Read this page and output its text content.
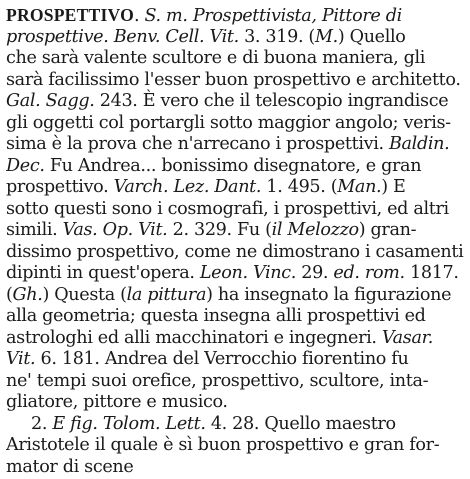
PROSPETTIVO. S. m. Prospettivista, Pittore di
prospettive. Benv. Cell. Vit. 3. 319. (M.) Quello
che sarà valente scultore e di buona maniera, gli
sarà facilissimo l'esser buon prospettivo e architetto.
Gal. Sagg. 243. È vero che il telescopio ingrandisce
gli oggetti col portargli sotto maggior angolo; veris-
sima è la prova che n'arrecano i prospettivi. Baldin.
Dec. Fu Andrea... bonissimo disegnatore, e gran
prospettivo. Varch. Lez. Dant. 1. 495. (Man.) E
sotto questi sono i cosmografi, i prospettivi, ed altri
simili. Vas. Op. Vit. 2. 329. Fu (il Melozzo) gran-
dissimo prospettivo, come ne dimostrano i casamenti
dipinti in quest'opera. Leon. Vinc. 29. ed. rom. 1817.
(Gh.) Questa (la pittura) ha insegnato la figurazione
alla geometria; questa insegna alli prospettivi ed
astrologhi ed alli macchinatori e ingegneri. Vasar.
Vit. 6. 181. Andrea del Verrocchio fiorentino fu
ne' tempi suoi orefice, prospettivo, scultore, inta-
gliatore, pittore e musico.
2. E fig. Tolom. Lett. 4. 28. Quello maestro
Aristotele il quale è sì buon prospettivo e gran for-
mator di scene
